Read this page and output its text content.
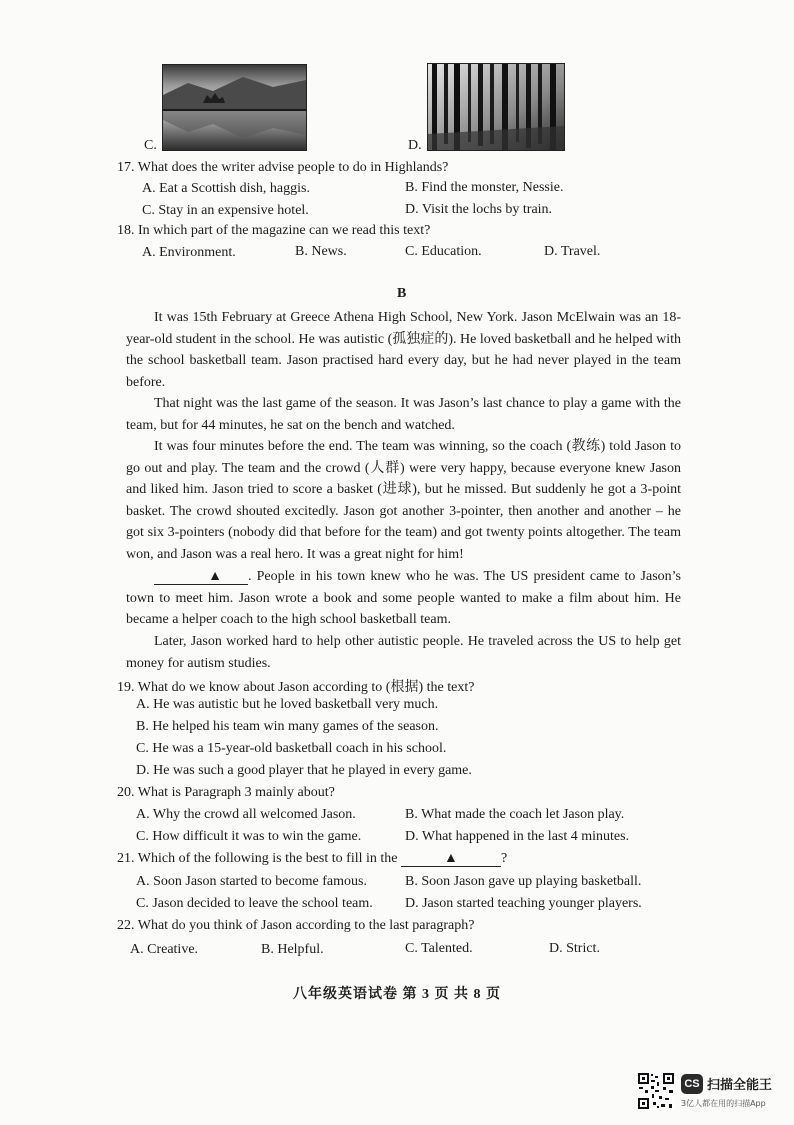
C.	D.
17. What does the writer advise people to do in Highlands?
A. Eat a Scottish dish, haggis.	B. Find the monster, Nessie.
C. Stay in an expensive hotel.	D. Visit the lochs by train.
18. In which part of the magazine can we read this text?
A. Environment.	B. News.	C. Education.	D. Travel.
B

It was 15th February at Greece Athena High School, New York. Jason McElwain was an 18-year-old student in the school. He was autistic (孤独症的). He loved basketball and he helped with the school basketball team. Jason practised hard every day, but he had never played in the team before.

That night was the last game of the season. It was Jason’s last chance to play a game with the team, but for 44 minutes, he sat on the bench and watched.

It was four minutes before the end. The team was winning, so the coach (教练) told Jason to go out and play. The team and the crowd (人群) were very happy, because everyone knew Jason and liked him. Jason tried to score a basket (进球), but he missed. But suddenly he got a 3-point basket. The crowd shouted excitedly. Jason got another 3-pointer, then another and another – he got six 3-pointers (nobody did that before for the team) and got twenty points altogether. The team won, and Jason was a real hero. It was a great night for him!

▲ . People in his town knew who he was. The US president came to Jason’s town to meet him. Jason wrote a book and some people wanted to make a film about him. He became a helper coach to the high school basketball team.

Later, Jason worked hard to help other autistic people. He traveled across the US to help get money for autism studies.

19. What do we know about Jason according to (根据) the text?
A. He was autistic but he loved basketball very much.
B. He helped his team win many games of the season.
C. He was a 15-year-old basketball coach in his school.
D. He was such a good player that he played in every game.
20. What is Paragraph 3 mainly about?
A. Why the crowd all welcomed Jason.	B. What made the coach let Jason play.
C. How difficult it was to win the game.	D. What happened in the last 4 minutes.
21. Which of the following is the best to fill in the	▲	?
A. Soon Jason started to become famous.	B. Soon Jason gave up playing basketball.
C. Jason decided to leave the school team. D. Jason started teaching younger players.
22. What do you think of Jason according to the last paragraph?
A. Creative.	B. Helpful.	C. Talented.	D. Strict.
八年级英语试卷 第 3 页 共 8 页
CS 扫描全能王
3亿人都在用的扫描App
